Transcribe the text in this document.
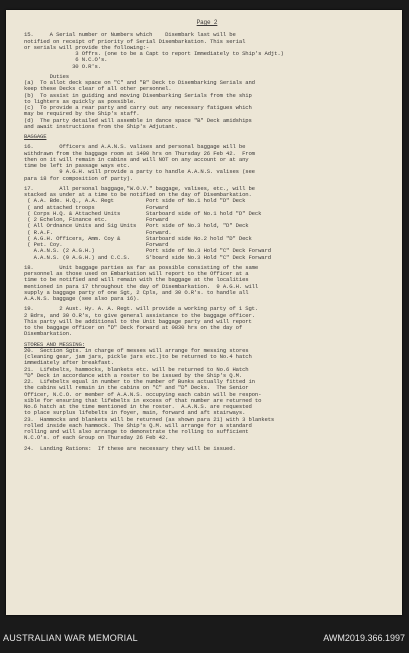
Page 2
15.     A Serial number or Numbers which    Disembark last will be
notified on receipt of priority of Serial Disembarkation. This serial
or serials will provide the following:-
3 Offrs. (one to be a Capt to report Immediately to Ship's Adjt.)
6 N.C.O's.
30 O.R's.
Duties
(a)  To allot deck space on "C" and "B" Deck to Disembarking Serials and
keep these Decks clear of all other personnel.
(b)  To assist in guiding and moving Disembarking Serials from the ship
to lighters as quickly as possible.
(c)  To provide a rear party and carry out any necessary fatigues which
may be required by the Ship's staff.
(d)  The party detailed will assemble in dance space "B" Deck amidships
and await instructions from the Ship's Adjutant.
BAGGAGE
16.        Officers and A.A.N.S. valises and personal baggage will be
withdrawn from the baggage room at 1400 hrs on Thursday 26 Feb 42.  From
then on it will remain in cabins and will NOT on any account or at any
time be left in passage ways etc.
9 A.G.H. will provide a party to handle A.A.N.S. valises (see
para 18 for composition of party).
17.        All personal baggage,"W.O.V." baggage, valises, etc., will be
stacked as under at a time to be notified on the day of Disembarkation.
( A.A. Bde. H.Q., A.A. Regt          Port side of No.1 hold "D" Deck
( and attached troops                Forward
( Corps H.Q. & Attached Units        Starboard side of No.1 hold "D" Deck
( 2 Echelon, Finance etc.            Forward
( All Ordnance Units and Sig Units   Port side of No.3 hold, "D" Deck
( R.A.F.                             Forward.
( A.G.H. Officers, Amm. Coy &        Starboard side No.2 hold "D" Deck
( Pet. Coy.                          Forward
A.A.N.S. (2 A.G.H.)                Port side of No.3 Hold "C" Deck Forward
A.A.N.S. (9 A.G.H.) and C.C.S.     S'board side No.3 Hold "C" Deck Forward
18.        Unit baggage parties as far as possible consisting of the same
personnel as those used on Embarkation will report to the Officer at a
time to be notified and will remain with the baggage at the localities
mentioned in para 17 throughout the day of Disembarkation.  9 A.G.H. will
supply a baggage party of one Sgt, 2 Cpls, and 30 O.R's. to handle all
A.A.N.S. baggage (see also para 16).
19.        2 Aust. Hy. A. A. Regt. will provide a working party of 1 Sgt.
2 Bdrs, and 30 O.R's, to give general assistance to the baggage officer.
This party will be additional to the Unit baggage party and will report
to the baggage officer on "D" Deck forward at 0830 hrs on the day of
Disembarkation.
STORES AND MESSING:
20.  Section Sgts. in charge of messes will arrange for messing stores
(cleaning gear, jam jars, pickle jars etc.)to be returned to No.4 hatch
immediately after breakfast.
21.  Lifebelts, hammocks, blankets etc. will be returned to No.6 Hatch
"D" Deck in accordance with a roster to be issued by the Ship's Q.M.
22.  Lifebelts equal in number to the number of Bunks actually fitted in
the cabins will remain in the cabins on "C" and "D" Decks.  The Senior
Officer, N.C.O. or member of A.A.N.S. occupying each cabin will be respon-
sible for ensuring that lifebelts in excess of that number are returned to
No.6 hatch at the time mentioned in the roster.  A.A.N.S. are requested
to place surplus lifebelts in foyer, main, forward and aft stairways.
23.  Hammocks and blankets will be returned (as shown para 21) with 3 blankets
rolled inside each hammock. The Ship's Q.M. will arrange for a standard
rolling and will also arrange to demonstrate the rolling to sufficient
N.C.O's. of each Group on Thursday 26 Feb 42.
24.  Landing Rations:  If these are necessary they will be issued.
AUSTRALIAN WAR MEMORIAL	AWM2019.366.1997
